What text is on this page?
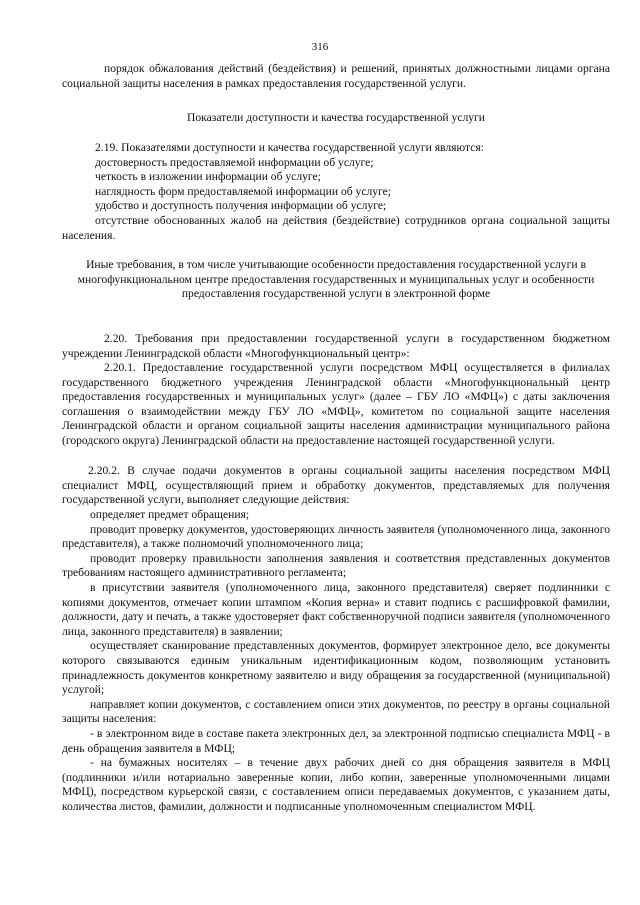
316
порядок обжалования действий (бездействия) и решений, принятых должностными лицами органа социальной защиты населения в рамках предоставления государственной услуги.
Показатели доступности и качества государственной услуги

2.19. Показателями доступности и качества государственной услуги являются:

достоверность предоставляемой информации об услуге;

четкость в изложении информации об услуге;

наглядность форм предоставляемой информации об услуге;

удобство и доступность получения информации об услуге;

отсутствие обоснованных жалоб на действия (бездействие) сотрудников органа социальной защиты населения.

Иные требования, в том числе учитывающие особенности предоставления государственной услуги в многофункциональном центре предоставления государственных и муниципальных услуг и особенности предоставления государственной услуги в электронной форме
2.20. Требования при предоставлении государственной услуги в государственном бюджетном учреждении Ленинградской области «Многофункциональный центр»:
2.20.1. Предоставление государственной услуги посредством МФЦ осуществляется в филиалах государственного бюджетного учреждения Ленинградской области «Многофункциональный центр предоставления государственных и муниципальных услуг» (далее – ГБУ ЛО «МФЦ») с даты заключения соглашения о взаимодействии между ГБУ ЛО «МФЦ», комитетом по социальной защите населения Ленинградской области и органом социальной защиты населения администрации муниципального района (городского округа) Ленинградской области на предоставление настоящей государственной услуги.
2.20.2. В случае подачи документов в органы социальной защиты населения посредством МФЦ специалист МФЦ, осуществляющий прием и обработку документов, представляемых для получения государственной услуги, выполняет следующие действия:

определяет предмет обращения;

проводит проверку документов, удостоверяющих личность заявителя (уполномоченного лица, законного представителя), а также полномочий уполномоченного лица;

проводит проверку правильности заполнения заявления и соответствия представленных документов требованиям настоящего административного регламента;

в присутствии заявителя (уполномоченного лица, законного представителя) сверяет подлинники с копиями документов, отмечает копии штампом «Копия верна» и ставит подпись с расшифровкой фамилии, должности, дату и печать, а также удостоверяет факт собственноручной подписи заявителя (уполномоченного лица, законного представителя) в заявлении;

осуществляет сканирование представленных документов, формирует электронное дело, все документы которого связываются единым уникальным идентификационным кодом, позволяющим установить принадлежность документов конкретному заявителю и виду обращения за государственной (муниципальной) услугой;

направляет копии документов, с составлением описи этих документов, по реестру в органы социальной защиты населения:

- в электронном виде в составе пакета электронных дел, за электронной подписью специалиста МФЦ - в день обращения заявителя в МФЦ;

- на бумажных носителях – в течение двух рабочих дней со дня обращения заявителя в МФЦ (подлинники и/или нотариально заверенные копии, либо копии, заверенные уполномоченными лицами МФЦ), посредством курьерской связи, с составлением описи передаваемых документов, с указанием даты, количества листов, фамилии, должности и подписанные уполномоченным специалистом МФЦ.
